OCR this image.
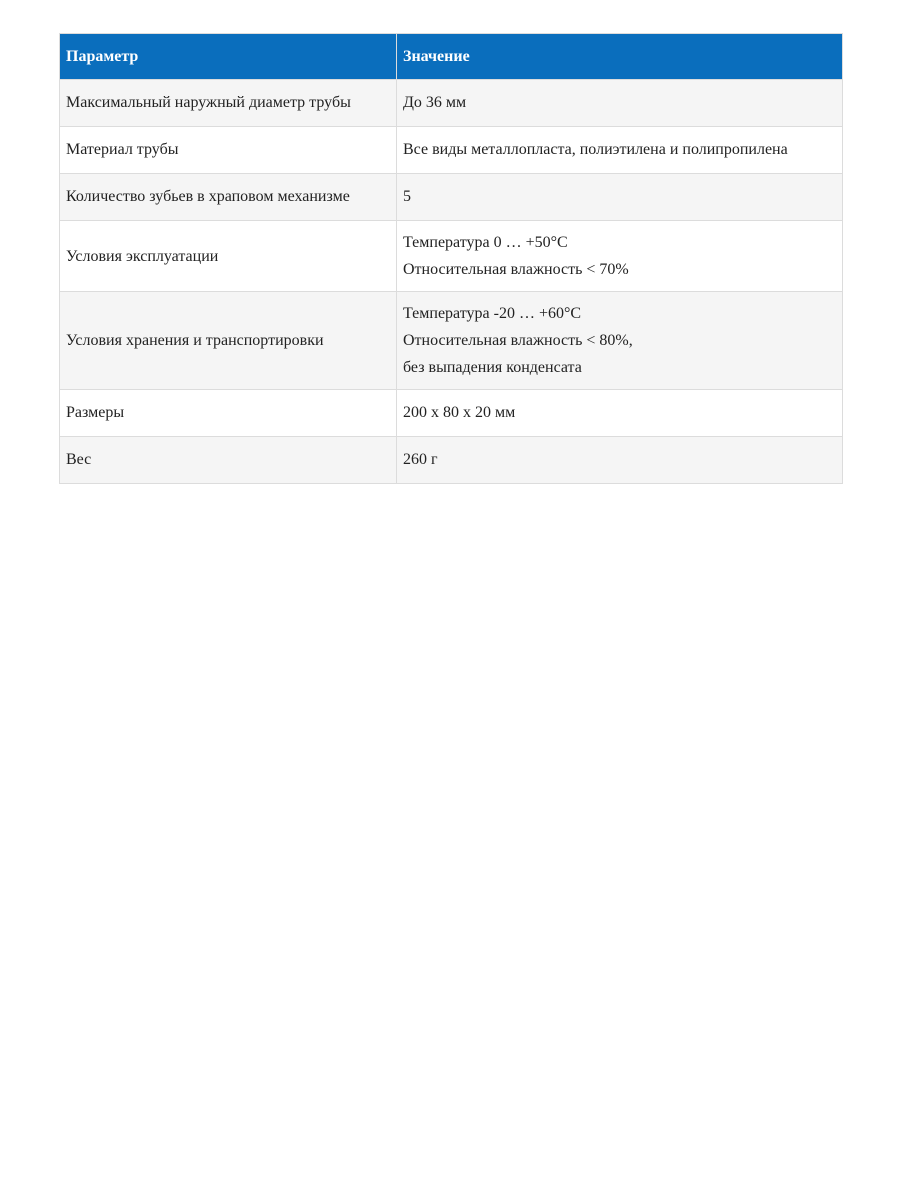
Параметр	Значение
Максимальный наружный диаметр трубы	До 36 мм

Материал трубы	Все виды металлопласта, полиэтилена и полипропилена

Количество зубьев в храповом механизме	5

Условия эксплуатации	Температура 0 … +50°C
Относительная влажность < 70%

Условия хранения и транспортировки	Температура -20 … +60°C
Относительная влажность < 80%,
без выпадения конденсата

Размеры	200 х 80 х 20 мм

Вес	260 г
